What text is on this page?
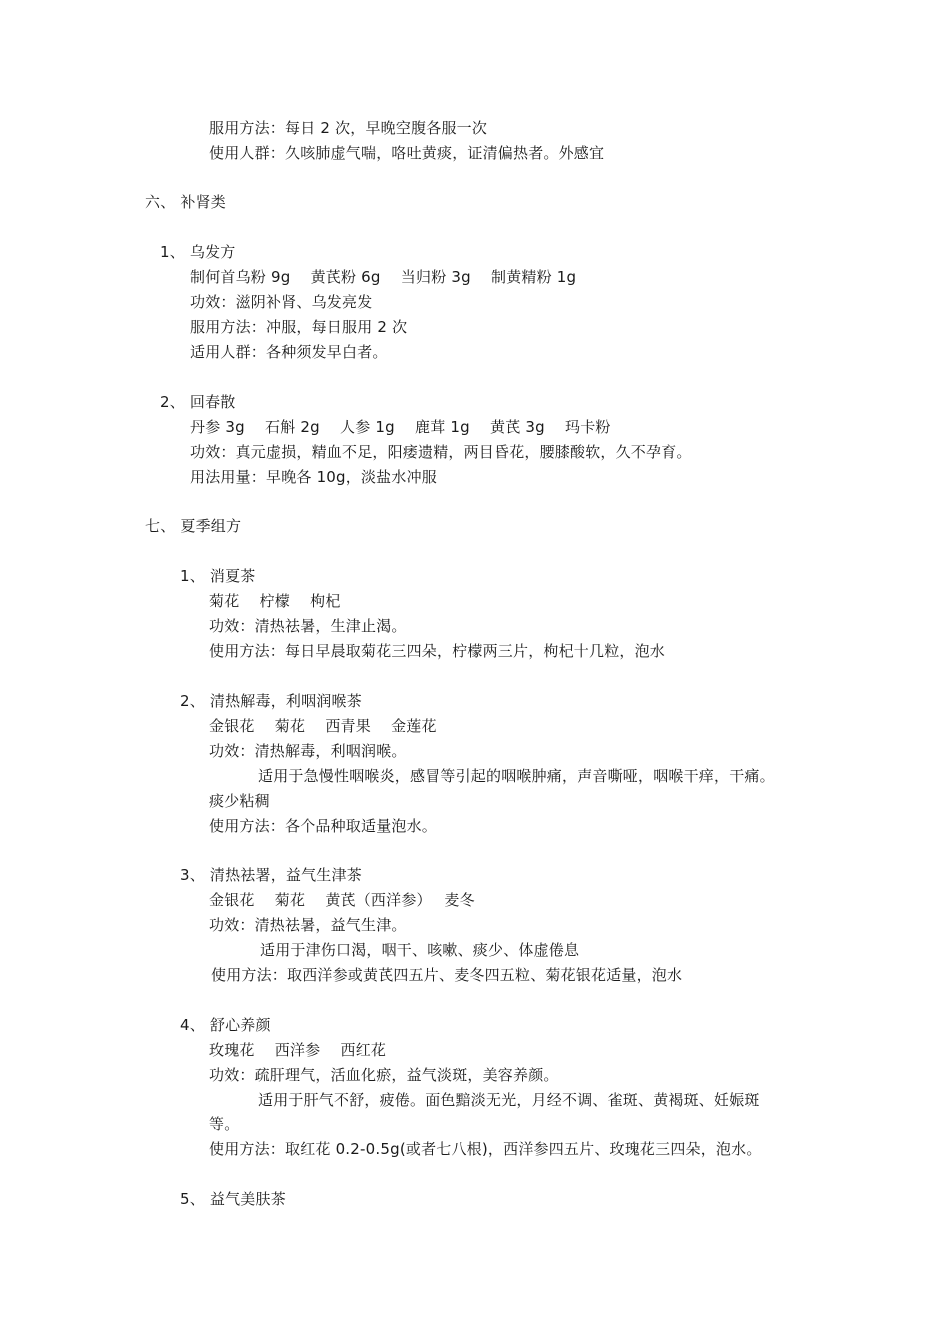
服用方法：每日 2 次，早晚空腹各服一次
使用人群：久咳肺虚气喘，咯吐黄痰，证清偏热者。外感宜
六、 补肾类
1、 乌发方
制何首乌粉 9g　 黄芪粉 6g　 当归粉 3g　 制黄精粉 1g
功效：滋阴补肾、乌发亮发
服用方法：冲服，每日服用 2 次
适用人群：各种须发早白者。
2、 回春散
丹参 3g　 石斛 2g　 人参 1g　 鹿茸 1g　 黄芪 3g　 玛卡粉
功效：真元虚损，精血不足，阳痿遗精，两目昏花，腰膝酸软，久不孕育。
用法用量：早晚各 10g，淡盐水冲服
七、 夏季组方
1、 消夏茶
菊花　 柠檬　 枸杞
功效：清热祛暑，生津止渴。
使用方法：每日早晨取菊花三四朵，柠檬两三片，枸杞十几粒，泡水
2、 清热解毒，利咽润喉茶
金银花　 菊花　 西青果　 金莲花
功效：清热解毒，利咽润喉。
适用于急慢性咽喉炎，感冒等引起的咽喉肿痛，声音嘶哑，咽喉干痒，干痛。
痰少粘稠
使用方法：各个品种取适量泡水。
3、 清热祛署，益气生津茶
金银花　 菊花　 黄芪（西洋参）　 麦冬
功效：清热祛暑，益气生津。
适用于津伤口渴，咽干、咳嗽、痰少、体虚倦息
使用方法：取西洋参或黄芪四五片、麦冬四五粒、菊花银花适量，泡水
4、 舒心养颜
玫瑰花　 西洋参　 西红花
功效：疏肝理气，活血化瘀，益气淡斑，美容养颜。
适用于肝气不舒，疲倦。面色黯淡无光，月经不调、雀斑、黄褐斑、妊娠斑
等。
使用方法：取红花 0.2-0.5g(或者七八根)，西洋参四五片、玫瑰花三四朵，泡水。
5、 益气美肤茶
